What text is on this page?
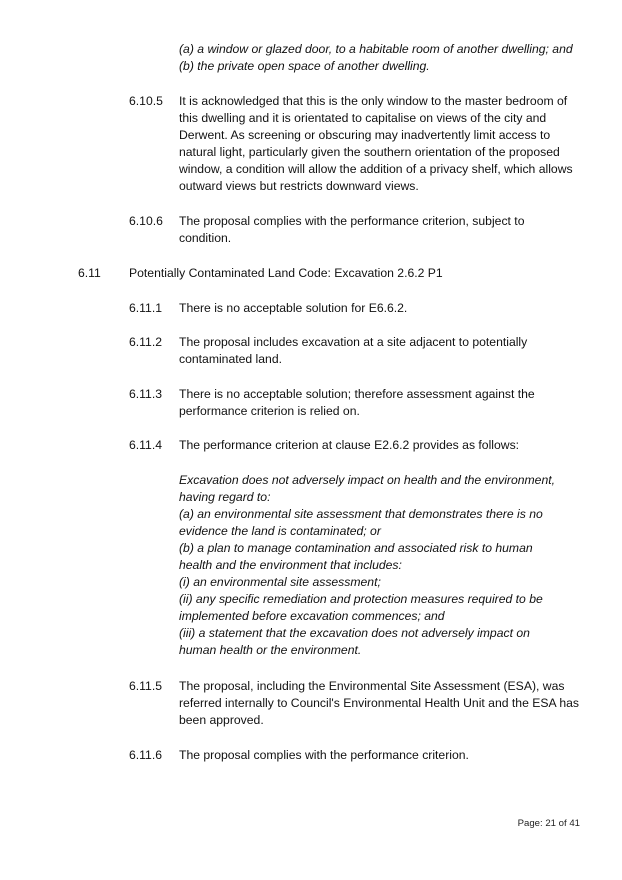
(a) a window or glazed door, to a habitable room of another dwelling; and
(b) the private open space of another dwelling.
6.10.5 It is acknowledged that this is the only window to the master bedroom of
this dwelling and it is orientated to capitalise on views of the city and
Derwent. As screening or obscuring may inadvertently limit access to
natural light, particularly given the southern orientation of the proposed
window, a condition will allow the addition of a privacy shelf, which allows
outward views but restricts downward views.
6.10.6 The proposal complies with the performance criterion, subject to
condition.
6.11 Potentially Contaminated Land Code: Excavation 2.6.2 P1
6.11.1 There is no acceptable solution for E6.6.2.
6.11.2 The proposal includes excavation at a site adjacent to potentially
contaminated land.
6.11.3 There is no acceptable solution; therefore assessment against the
performance criterion is relied on.
6.11.4 The performance criterion at clause E2.6.2 provides as follows:
Excavation does not adversely impact on health and the environment,
having regard to:
(a) an environmental site assessment that demonstrates there is no
evidence the land is contaminated; or
(b) a plan to manage contamination and associated risk to human
health and the environment that includes:
(i) an environmental site assessment;
(ii) any specific remediation and protection measures required to be
implemented before excavation commences; and
(iii) a statement that the excavation does not adversely impact on
human health or the environment.
6.11.5 The proposal, including the Environmental Site Assessment (ESA), was
referred internally to Council's Environmental Health Unit and the ESA has
been approved.
6.11.6 The proposal complies with the performance criterion.
Page: 21 of 41
